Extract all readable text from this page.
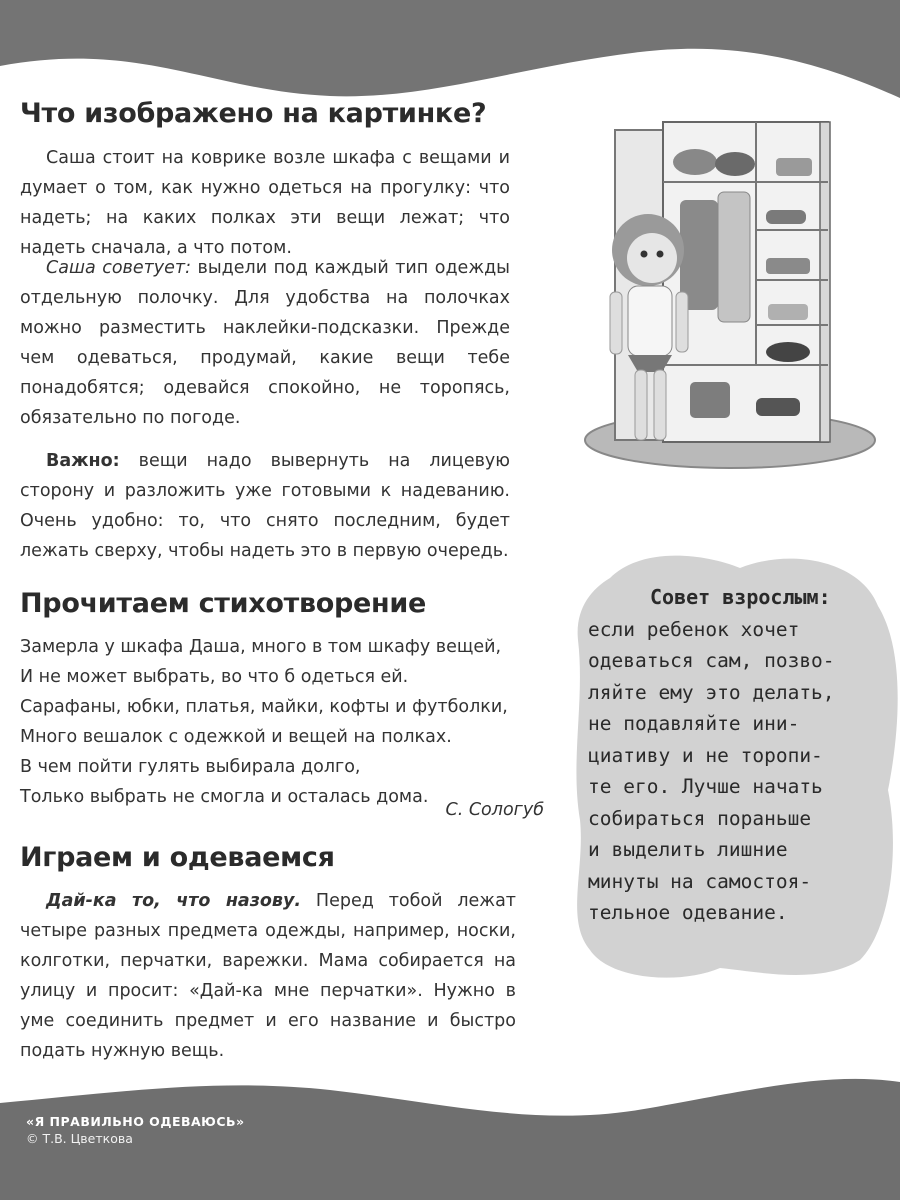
Что изображено на картинке?

Саша стоит на коврике возле шкафа с вещами и думает о том, как нужно одеться на прогулку: что надеть; на каких полках эти вещи лежат; что надеть сначала, а что потом.

Саша советует: выдели под каждый тип одежды отдельную полочку. Для удобства на полочках можно разместить наклейки-подсказки. Прежде чем одеваться, продумай, какие вещи тебе понадобятся; одевайся спокойно, не торопясь, обязательно по погоде.

Важно: вещи надо вывернуть на лицевую сторону и разложить уже готовыми к надеванию. Очень удобно: то, что снято последним, будет лежать сверху, чтобы надеть это в первую очередь.

Прочитаем стихотворение
Замерла у шкафа Даша, много в том шкафу вещей,
И не может выбрать, во что б одеться ей.
Сарафаны, юбки, платья, майки, кофты и футболки,
Много вешалок с одежкой и вещей на полках.
В чем пойти гулять выбирала долго,
Только выбрать не смогла и осталась дома.
С. Сологуб
Играем и одеваемся

Дай-ка то, что назову. Перед тобой лежат четыре разных предмета одежды, например, носки, колготки, перчатки, варежки. Мама собирается на улицу и просит: «Дай-ка мне перчатки». Нужно в уме соединить предмет и его название и быстро подать нужную вещь.

Совет взрослым:
если ребенок хочет
одеваться сам, позво-
ляйте ему это делать,
не подавляйте ини-
циативу и не торопи-
те его. Лучше начать
собираться пораньше
и выделить лишние
минуты на самостоя-
тельное одевание.
«Я ПРАВИЛЬНО ОДЕВАЮСЬ»
© Т.В. Цветкова
